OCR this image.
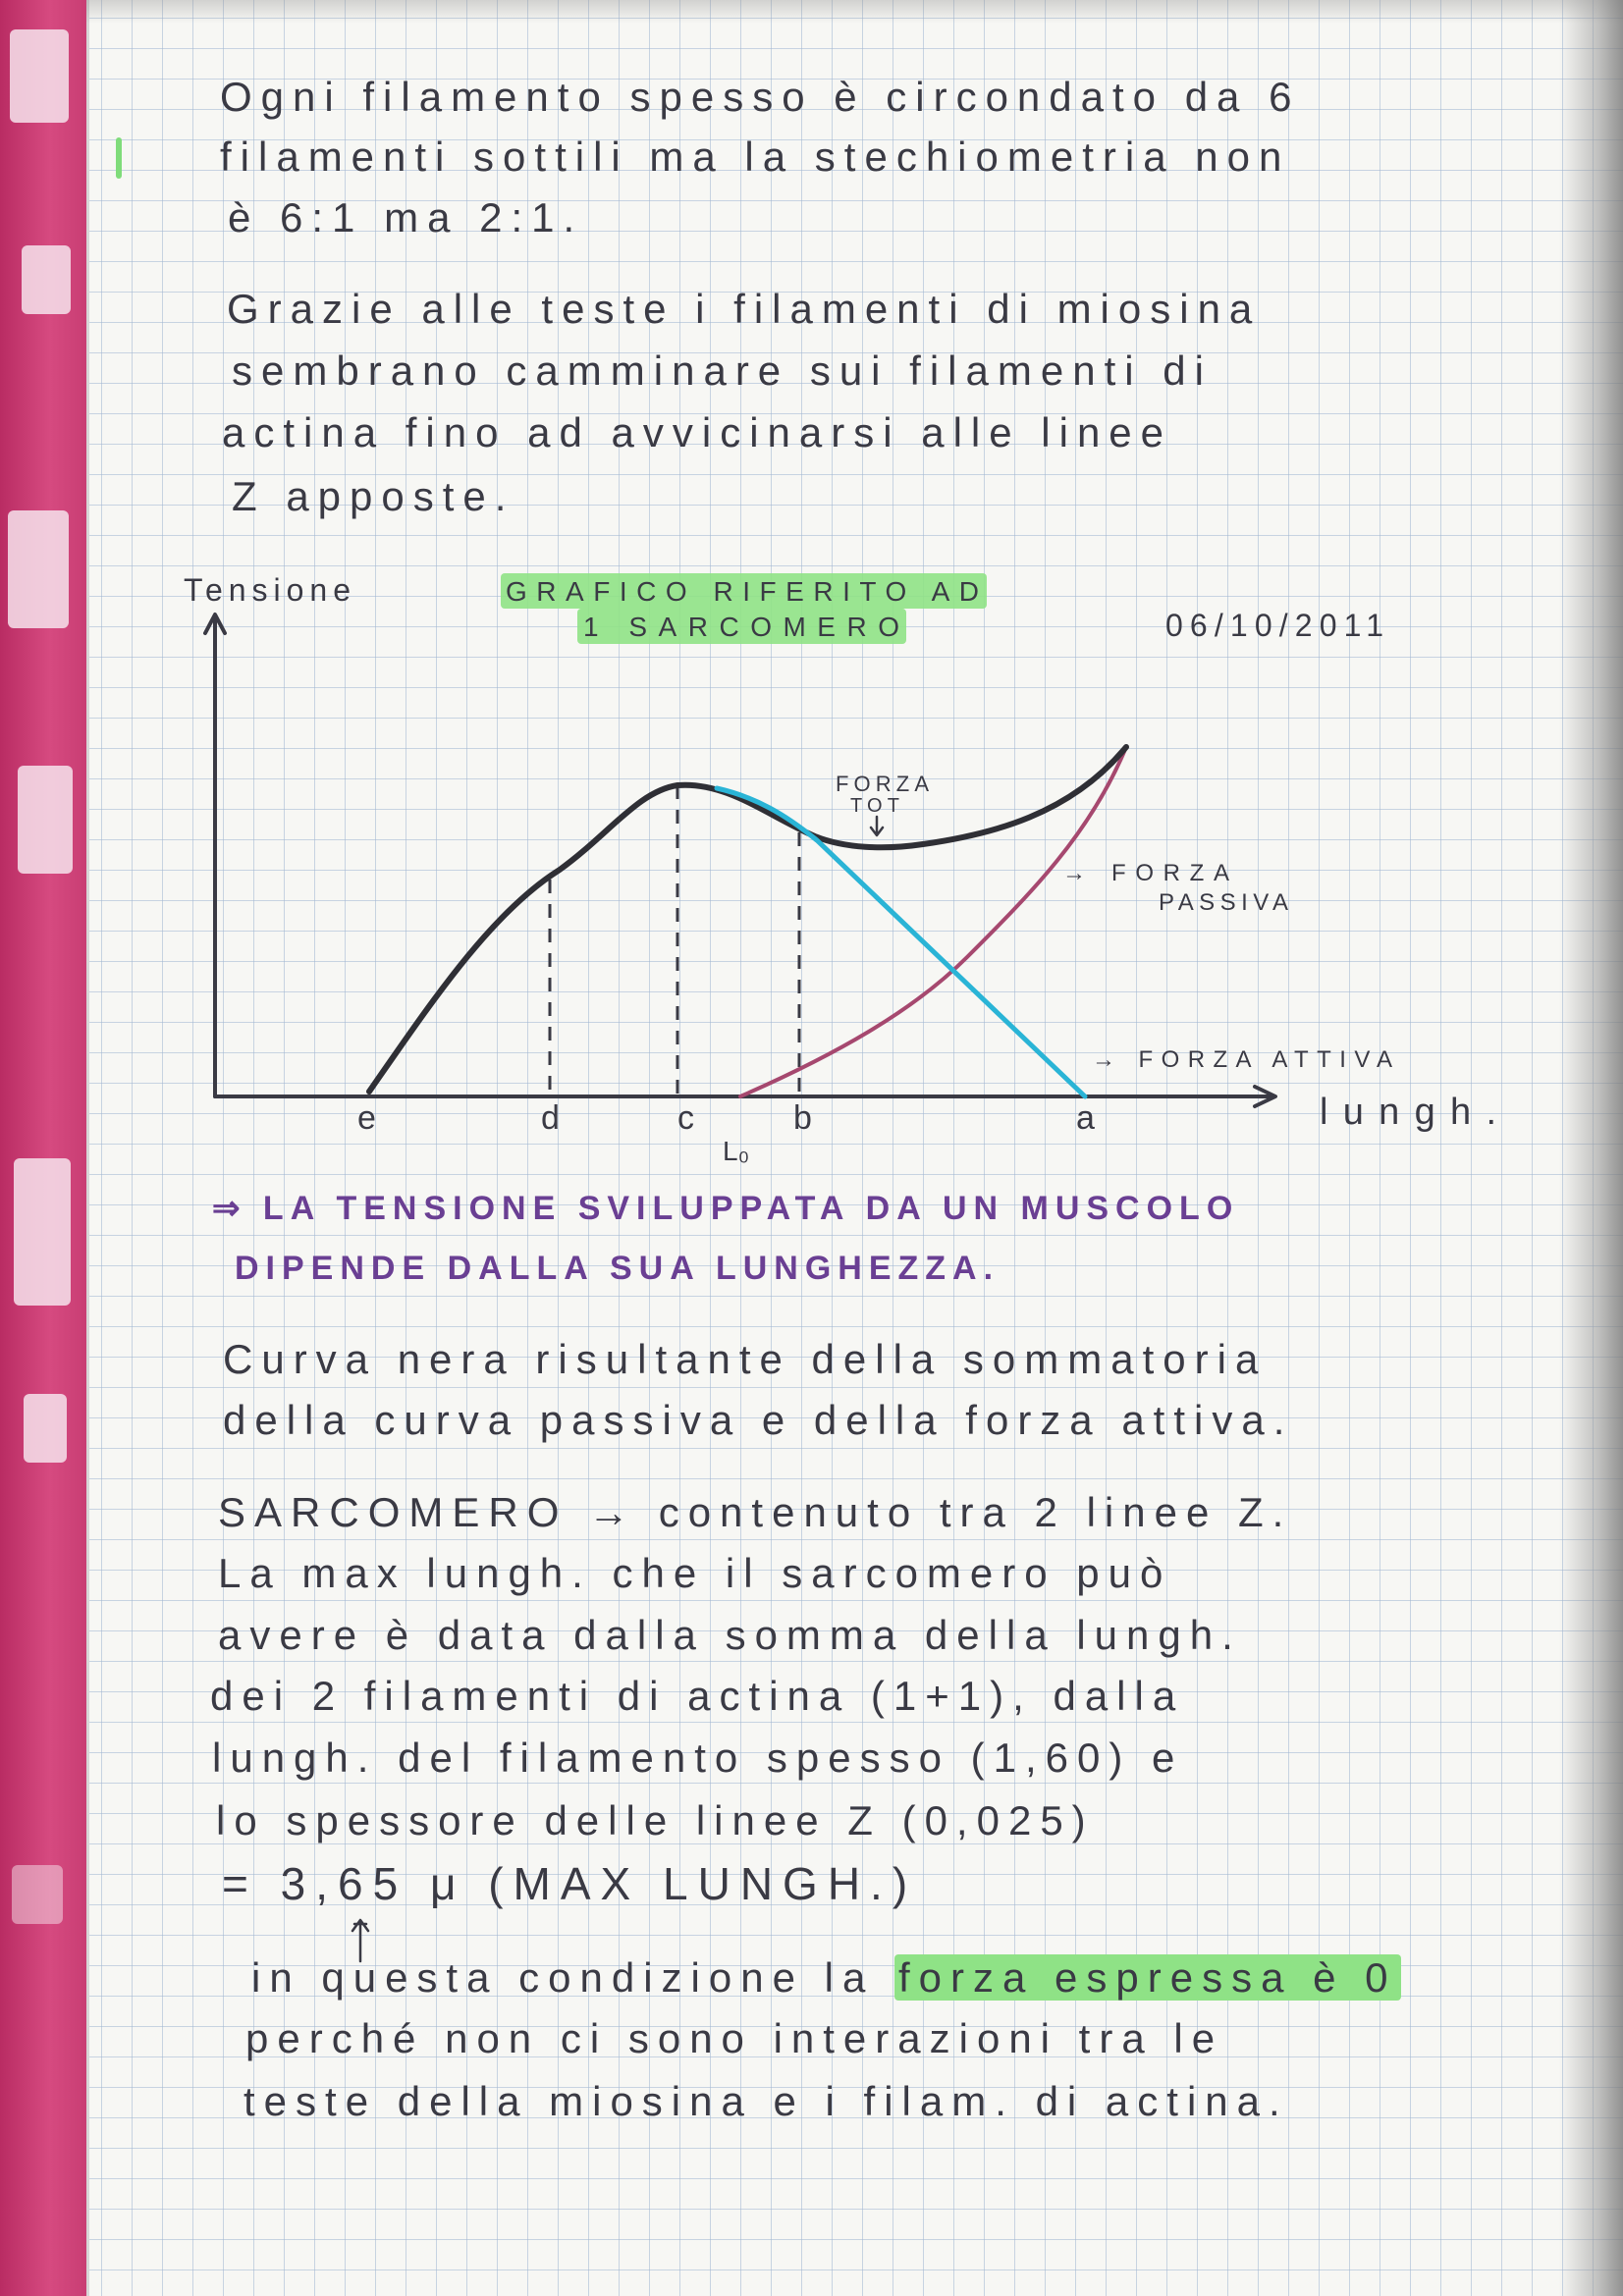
Ogni filamento spesso è circondato da 6
filamenti sottili ma la stechiometria non
è 6:1 ma 2:1.
Grazie alle teste i filamenti di miosina
sembrano camminare sui filamenti di
actina fino ad avvicinarsi alle linee
Z apposte.
GRAFICO RIFERITO AD
1 SARCOMERO	06/10/2011
Tensione
FORZA
TOT
→ FORZA
PASSIVA
→ FORZA ATTIVA
e	d	c
L₀
b	a	lungh.
⇒ LA TENSIONE SVILUPPATA DA UN MUSCOLO
DIPENDE DALLA SUA LUNGHEZZA.
Curva nera risultante della sommatoria
della curva passiva e della forza attiva.
SARCOMERO → contenuto tra 2 linee Z.
La max lungh. che il sarcomero può
avere è data dalla somma della lungh.
dei 2 filamenti di actina (1+1), dalla
lungh. del filamento spesso (1,60) e
lo spessore delle linee Z (0,025)
= 3,65 μ (MAX LUNGH.)
in questa condizione la forza espressa è 0
perché non ci sono interazioni tra le
teste della miosina e i filam. di actina.
